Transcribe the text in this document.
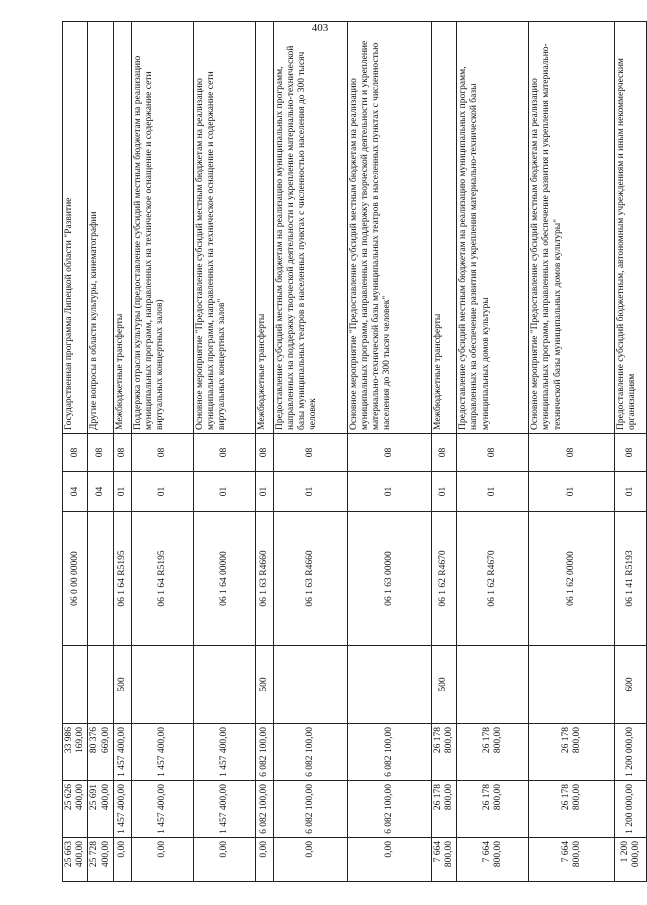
403
25 663 400,00	25 626 400,00	33 986 169,00		06 0 00 00000	04	08	Государственная программа Липецкой области "Развитие
25 728 400,00	25 691 400,00	80 376 669,00			04	08	Другие вопросы в области культуры, кинематографии
0,00	1 457 400,00	1 457 400,00	500	06 1 64 R5195	01	08	Межбюджетные трансферты
0,00	1 457 400,00	1 457 400,00		06 1 64 R5195	01	08	Поддержка отрасли культуры (предоставление субсидий местным бюджетам на реализацию муниципальных программ, направленных на техническое оснащение и содержание сети виртуальных концертных залов)
0,00	1 457 400,00	1 457 400,00		06 1 64 00000	01	08	Основное мероприятие "Предоставление субсидий местным бюджетам на реализацию муниципальных программ, направленных на техническое оснащение и содержание сети виртуальных концертных залов"
0,00	6 082 100,00	6 082 100,00	500	06 1 63 R4660	01	08	Межбюджетные трансферты
0,00	6 082 100,00	6 082 100,00		06 1 63 R4660	01	08	Предоставление субсидий местным бюджетам на реализацию муниципальных программ, направленных на поддержку творческой деятельности и укрепление материально-технической базы муниципальных театров в населенных пунктах с численностью населения до 300 тысяч человек
0,00	6 082 100,00	6 082 100,00		06 1 63 00000	01	08	Основное мероприятие "Предоставление субсидий местным бюджетам на реализацию муниципальных программ, направленных на поддержку творческой деятельности и укрепление материально-технической базы муниципальных театров в населенных пунктах с численностью населения до 300 тысяч человек"
7 664 800,00	26 178 800,00	26 178 800,00	500	06 1 62 R4670	01	08	Межбюджетные трансферты
7 664 800,00	26 178 800,00	26 178 800,00		06 1 62 R4670	01	08	Предоставление субсидий местным бюджетам на реализацию муниципальных программ, направленных на обеспечение развития и укрепления материально-технической базы муниципальных домов культуры
7 664 800,00	26 178 800,00	26 178 800,00		06 1 62 00000	01	08	Основное мероприятие "Предоставление субсидий местным бюджетам на реализацию муниципальных программ, направленных на обеспечение развития и укрепления материально-технической базы муниципальных домов культуры"
1 200 000,00	1 200 000,00	1 200 000,00	600	06 1 41 R5193	01	08	Предоставление субсидий бюджетным, автономным учреждениям и иным некоммерческим организациям
